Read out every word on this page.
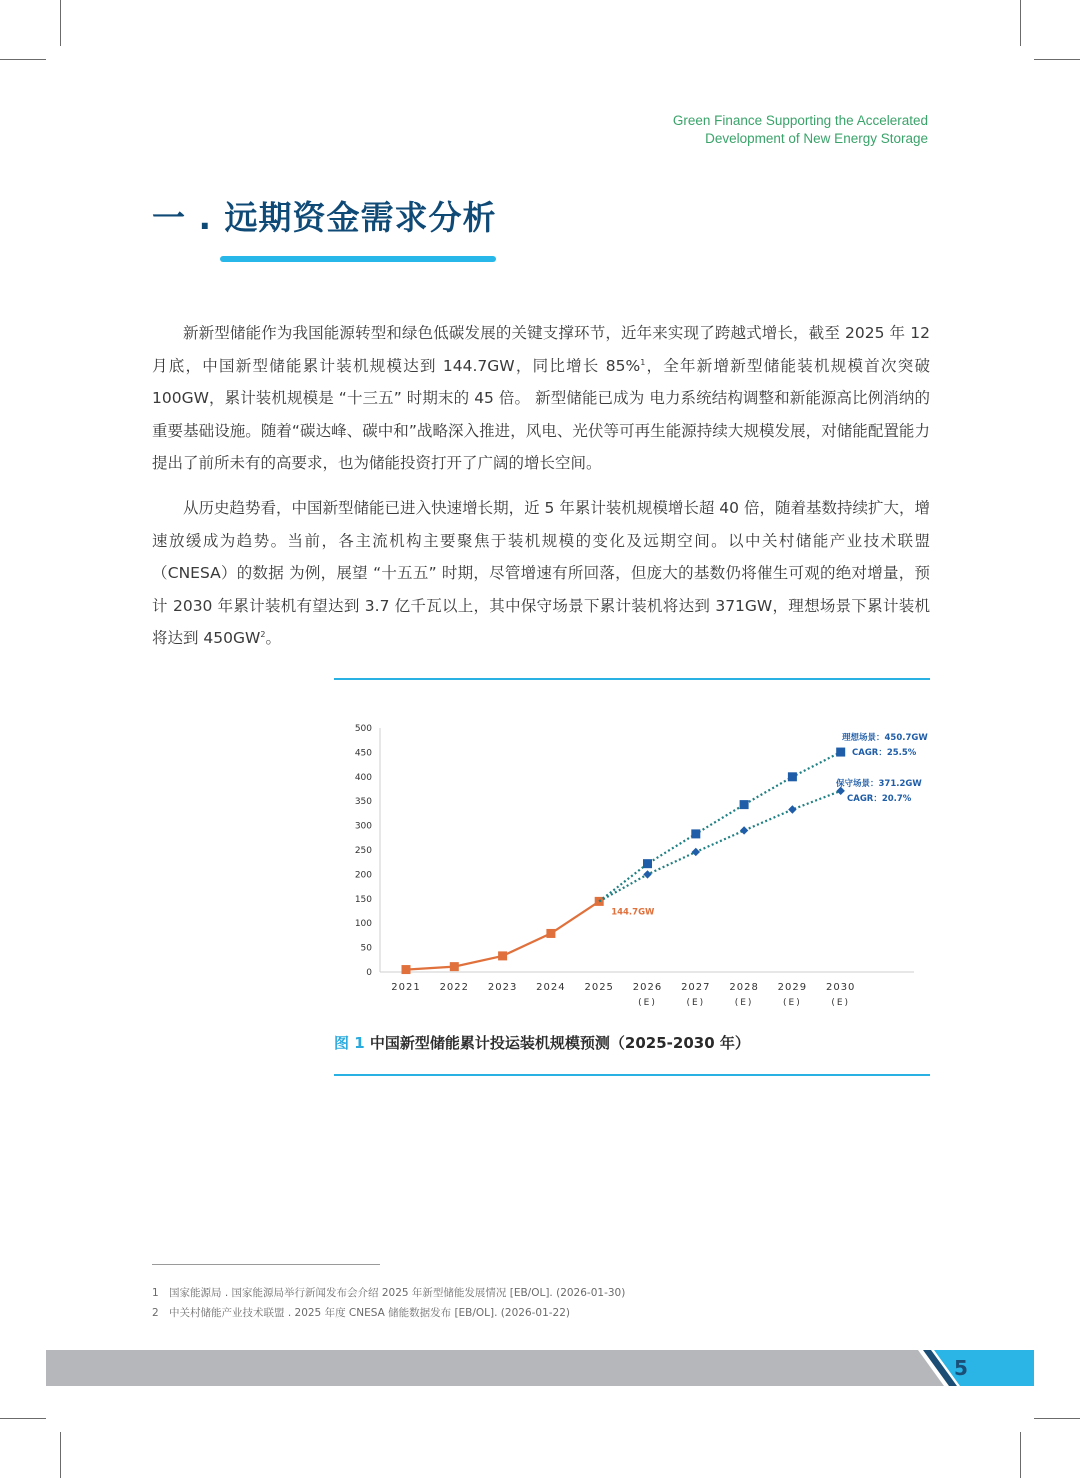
Green Finance Supporting the Accelerated
Development of New Energy Storage
一 . 远期资金需求分析

新新型储能作为我国能源转型和绿色低碳发展的关键支撑环节，近年来实现了跨越式增长，截至 2025 年 12 月底，中国新型储能累计装机规模达到 144.7GW，同比增长 85%$^1$，全年新增新型储能装机规模首次突破 100GW，累计装机规模是 “十三五” 时期末的 45 倍。 新型储能已成为 电力系统结构调整和新能源高比例消纳的重要基础设施。随着“碳达峰、碳中和”战略深入推进，风电、光伏等可再生能源持续大规模发展，对储能配置能力提出了前所未有的高要求，也为储能投资打开了广阔的增长空间。

从历史趋势看，中国新型储能已进入快速增长期，近 5 年累计装机规模增长超 40 倍，随着基数持续扩大，增速放缓成为趋势。当前，各主流机构主要聚焦于装机规模的变化及远期空间。以中关村储能产业技术联盟（CNESA）的数据 为例，展望 “十五五” 时期，尽管增速有所回落，但庞大的基数仍将催生可观的绝对增量，预计 2030 年累计装机有望达到 3.7 亿千瓦以上，其中保守场景下累计装机将达到 371GW，理想场景下累计装机将达到 $450GW^2$。

0
50
100
150
200
250
300
350
400
450
500
2021 2022 2023 2024 2025 2026
(E)
2027
(E)
2028
(E)
2029
(E)
2030
(E)
144.7GW
理想场景：450.7GW
CAGR：25.5%
保守场景：371.2GW
CAGR：20.7%
图 1 中国新型储能累计投运装机规模预测（2025-2030 年）
1 国家能源局 . 国家能源局举行新闻发布会介绍 2025 年新型储能发展情况 [EB/OL]. (2026-01-30)
2 中关村储能产业技术联盟 . 2025 年度 CNESA 储能数据发布 [EB/OL]. (2026-01-22)
5
